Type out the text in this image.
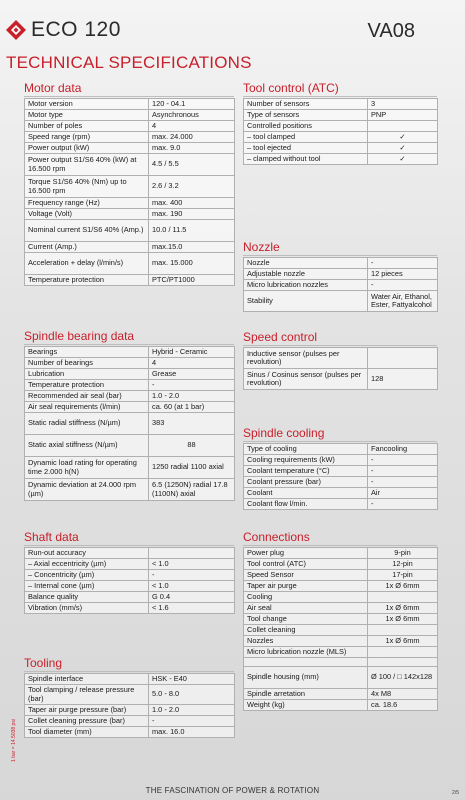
ECO 120	VA08
TECHNICAL SPECIFICATIONS
Motor data
Motor version	120 - 04.1
Motor type	Asynchronous
Number of poles	4
Speed range (rpm)	max. 24.000
Power output (kW)	max. 9.0
Power output S1/S6 40% (kW) at 16.500 rpm	4.5 / 5.5
Torque S1/S6 40% (Nm) up to 16.500 rpm	2.6 / 3.2
Frequency range (Hz)	max. 400
Voltage (Volt)	max. 190
Nominal current S1/S6 40% (Amp.)	10.0 / 11.5
Current (Amp.)	max.15.0
Acceleration + delay (l/min/s)	max. 15.000
Temperature protection	PTC/PT1000
Spindle bearing data
Bearings	Hybrid - Ceramic
Number of bearings	4
Lubrication	Grease
Temperature protection	-
Recommended air seal (bar)	1.0 - 2.0
Air seal requirements (l/min)	ca. 60 (at 1 bar)
Static radial stiffness (N/µm)	383
Static axial stiffness (N/µm)	88
Dynamic load rating for operating time 2.000 h(N)	1250 radial 1100 axial
Dynamic deviation at 24.000 rpm (µm)	6.5 (1250N) radial 17.8 (1100N) axial
Shaft data
Run-out accuracy	
– Axial eccentricity (µm)	< 1.0
– Concentricity (µm)	-
– Internal cone (µm)	< 1.0
Balance quality	G 0.4
Vibration (mm/s)	< 1.6
Tooling
Spindle interface	HSK - E40
Tool clamping / release pressure (bar)	5.0 - 8.0
Taper air purge pressure (bar)	1.0 - 2.0
Collet cleaning pressure (bar)	-
Tool diameter (mm)	max. 16.0
Tool control (ATC)
Number of sensors	3
Type of sensors	PNP
Controlled positions	
– tool clamped	✓
– tool ejected	✓
– clamped without tool	✓
Nozzle
Nozzle	-
Adjustable nozzle	12 pieces
Micro lubrication nozzles	-
Stability	Water Air, Ethanol, Ester, Fattyalcohol
Speed control
Inductive sensor (pulses per revolution)	
Sinus / Cosinus sensor (pulses per revolution)	128
Spindle cooling
Type of cooling	Fancooling
Cooling requirements (kW)	-
Coolant temperature (°C)	-
Coolant pressure (bar)	-
Coolant	Air
Coolant flow l/min.	-
Connections
Power plug	9-pin
Tool control (ATC)	12-pin
Speed Sensor	17-pin
Taper air purge	1x Ø 6mm
Cooling	
Air seal	1x Ø 6mm
Tool change	1x Ø 6mm
Collet cleaning	
Nozzles	1x Ø 6mm
Micro lubrication nozzle (MLS)	

Spindle housing (mm)	Ø 100 / □ 142x128
Spindle arretation	4x M8
Weight (kg)	ca. 18.6
1 bar = 14.5038 psi
THE FASCINATION OF POWER & ROTATION	2/5
